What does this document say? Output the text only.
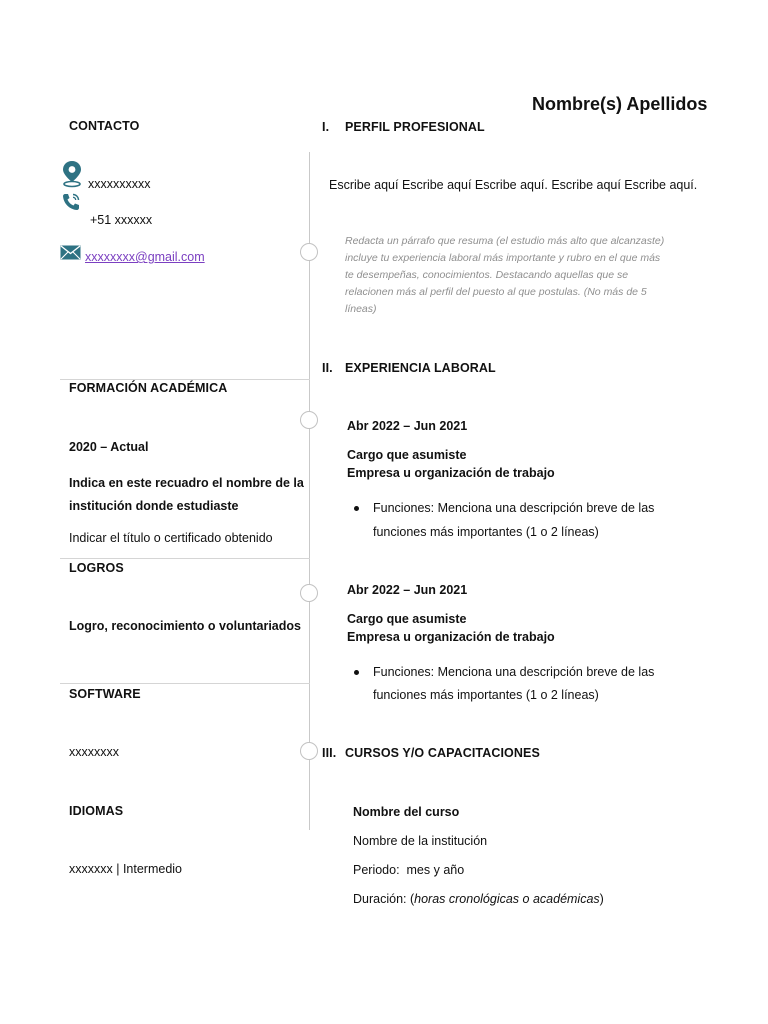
Nombre(s) Apellidos
CONTACTO
xxxxxxxxxx
+51 xxxxxx
xxxxxxxx@gmail.com
FORMACIÓN ACADÉMICA
2020 – Actual
Indica en este recuadro el nombre de la
institución donde estudiaste
Indicar el título o certificado obtenido
LOGROS
Logro, reconocimiento o voluntariados
SOFTWARE
xxxxxxxx
IDIOMAS
xxxxxxx | Intermedio
I. PERFIL PROFESIONAL
Escribe aquí Escribe aquí Escribe aquí. Escribe aquí Escribe aquí.
Redacta un párrafo que resuma (el estudio más alto que alcanzaste)
incluye tu experiencia laboral más importante y rubro en el que más
te desempeñas, conocimientos. Destacando aquellas que se
relacionen más al perfil del puesto al que postulas. (No más de 5
líneas)
II. EXPERIENCIA LABORAL
Abr 2022 – Jun 2021
Cargo que asumiste
Empresa u organización de trabajo
Funciones: Menciona una descripción breve de las
funciones más importantes (1 o 2 líneas)
Abr 2022 – Jun 2021
Cargo que asumiste
Empresa u organización de trabajo
Funciones: Menciona una descripción breve de las
funciones más importantes (1 o 2 líneas)
III. CURSOS Y/O CAPACITACIONES
Nombre del curso
Nombre de la institución
Periodo:  mes y año
Duración: (horas cronológicas o académicas)
